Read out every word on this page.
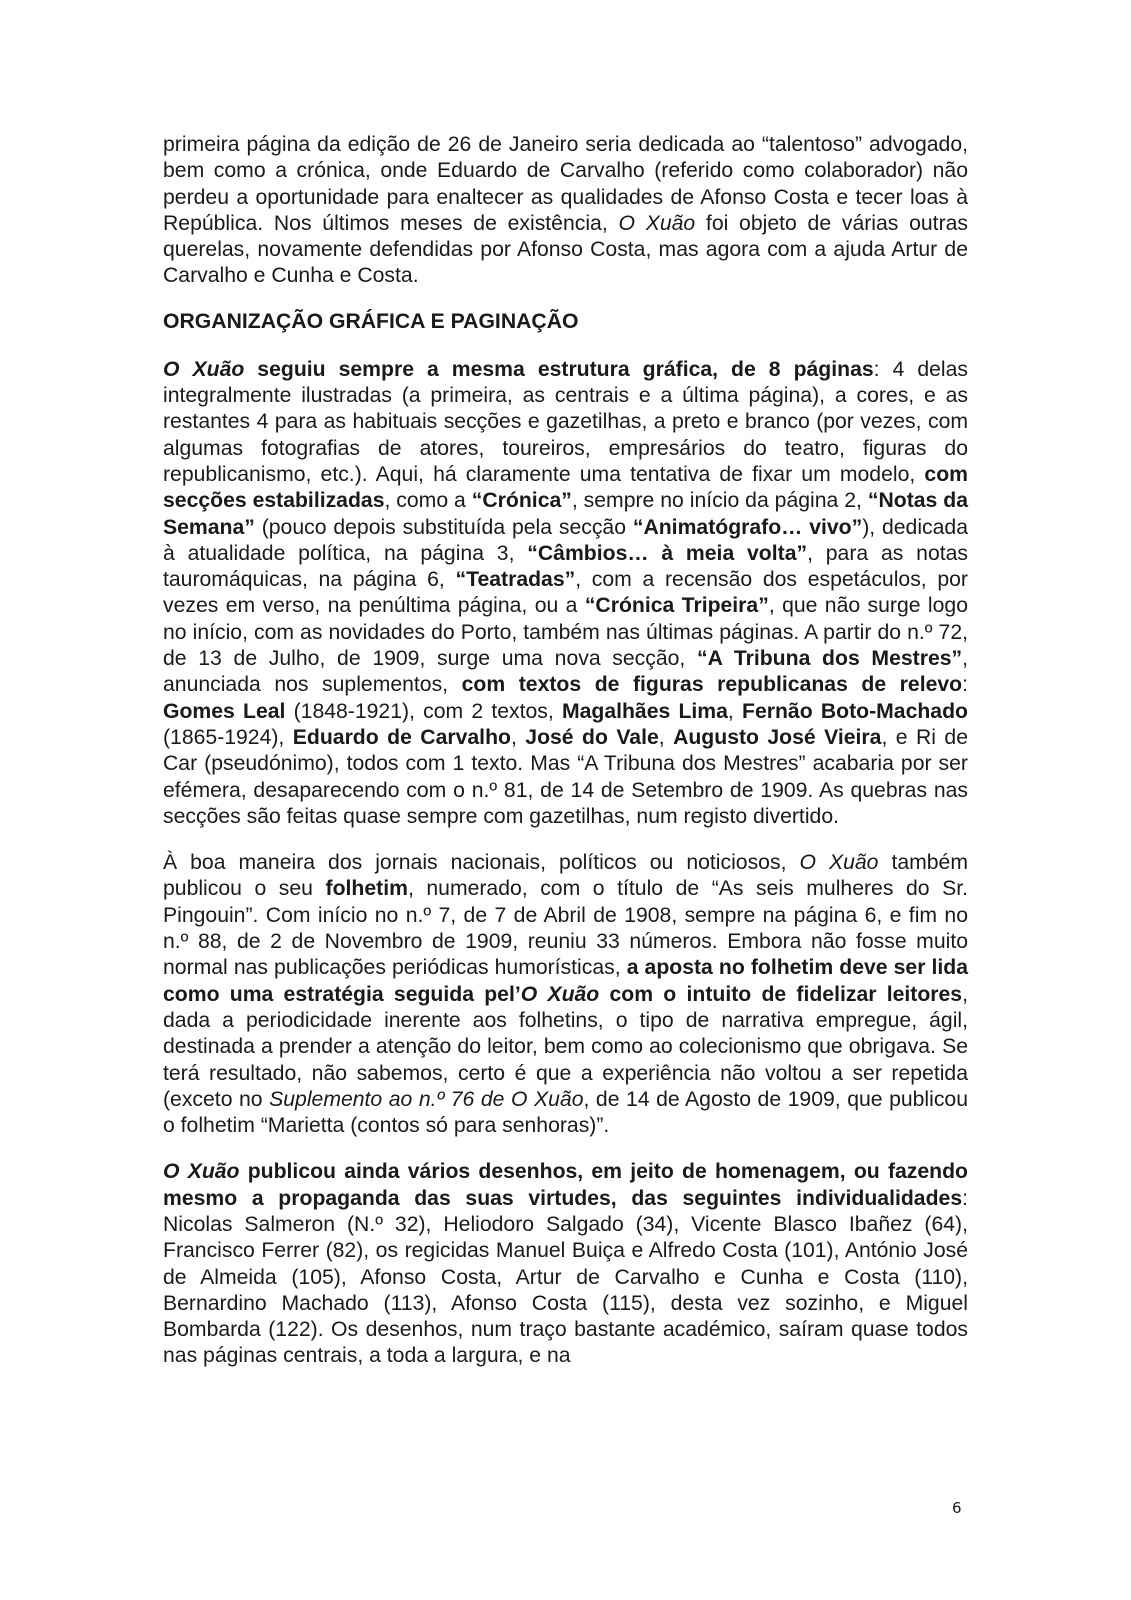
primeira página da edição de 26 de Janeiro seria dedicada ao “talentoso” advogado, bem como a crónica, onde Eduardo de Carvalho (referido como colaborador) não perdeu a oportunidade para enaltecer as qualidades de Afonso Costa e tecer loas à República. Nos últimos meses de existência, O Xuão foi objeto de várias outras querelas, novamente defendidas por Afonso Costa, mas agora com a ajuda Artur de Carvalho e Cunha e Costa.

ORGANIZAÇÃO GRÁFICA E PAGINAÇÃO

O Xuão seguiu sempre a mesma estrutura gráfica, de 8 páginas: 4 delas integralmente ilustradas (a primeira, as centrais e a última página), a cores, e as restantes 4 para as habituais secções e gazetilhas, a preto e branco (por vezes, com algumas fotografias de atores, toureiros, empresários do teatro, figuras do republicanismo, etc.). Aqui, há claramente uma tentativa de fixar um modelo, com secções estabilizadas, como a “Crónica”, sempre no início da página 2, “Notas da Semana” (pouco depois substituída pela secção “Animatógrafo… vivo”), dedicada à atualidade política, na página 3, “Câmbios… à meia volta”, para as notas tauromáquicas, na página 6, “Teatradas”, com a recensão dos espetáculos, por vezes em verso, na penúltima página, ou a “Crónica Tripeira”, que não surge logo no início, com as novidades do Porto, também nas últimas páginas. A partir do n.º 72, de 13 de Julho, de 1909, surge uma nova secção, “A Tribuna dos Mestres”, anunciada nos suplementos, com textos de figuras republicanas de relevo: Gomes Leal (1848-1921), com 2 textos, Magalhães Lima, Fernão Boto-Machado (1865-1924), Eduardo de Carvalho, José do Vale, Augusto José Vieira, e Ri de Car (pseudónimo), todos com 1 texto. Mas “A Tribuna dos Mestres” acabaria por ser efémera, desaparecendo com o n.º 81, de 14 de Setembro de 1909. As quebras nas secções são feitas quase sempre com gazetilhas, num registo divertido.

À boa maneira dos jornais nacionais, políticos ou noticiosos, O Xuão também publicou o seu folhetim, numerado, com o título de “As seis mulheres do Sr. Pingouin”. Com início no n.º 7, de 7 de Abril de 1908, sempre na página 6, e fim no n.º 88, de 2 de Novembro de 1909, reuniu 33 números. Embora não fosse muito normal nas publicações periódicas humorísticas, a aposta no folhetim deve ser lida como uma estratégia seguida pel’O Xuão com o intuito de fidelizar leitores, dada a periodicidade inerente aos folhetins, o tipo de narrativa empregue, ágil, destinada a prender a atenção do leitor, bem como ao colecionismo que obrigava. Se terá resultado, não sabemos, certo é que a experiência não voltou a ser repetida (exceto no Suplemento ao n.º 76 de O Xuão, de 14 de Agosto de 1909, que publicou o folhetim “Marietta (contos só para senhoras)”.

O Xuão publicou ainda vários desenhos, em jeito de homenagem, ou fazendo mesmo a propaganda das suas virtudes, das seguintes individualidades: Nicolas Salmeron (N.º 32), Heliodoro Salgado (34), Vicente Blasco Ibañez (64), Francisco Ferrer (82), os regicidas Manuel Buiça e Alfredo Costa (101), António José de Almeida (105), Afonso Costa, Artur de Carvalho e Cunha e Costa (110), Bernardino Machado (113), Afonso Costa (115), desta vez sozinho, e Miguel Bombarda (122). Os desenhos, num traço bastante académico, saíram quase todos nas páginas centrais, a toda a largura, e na

6
